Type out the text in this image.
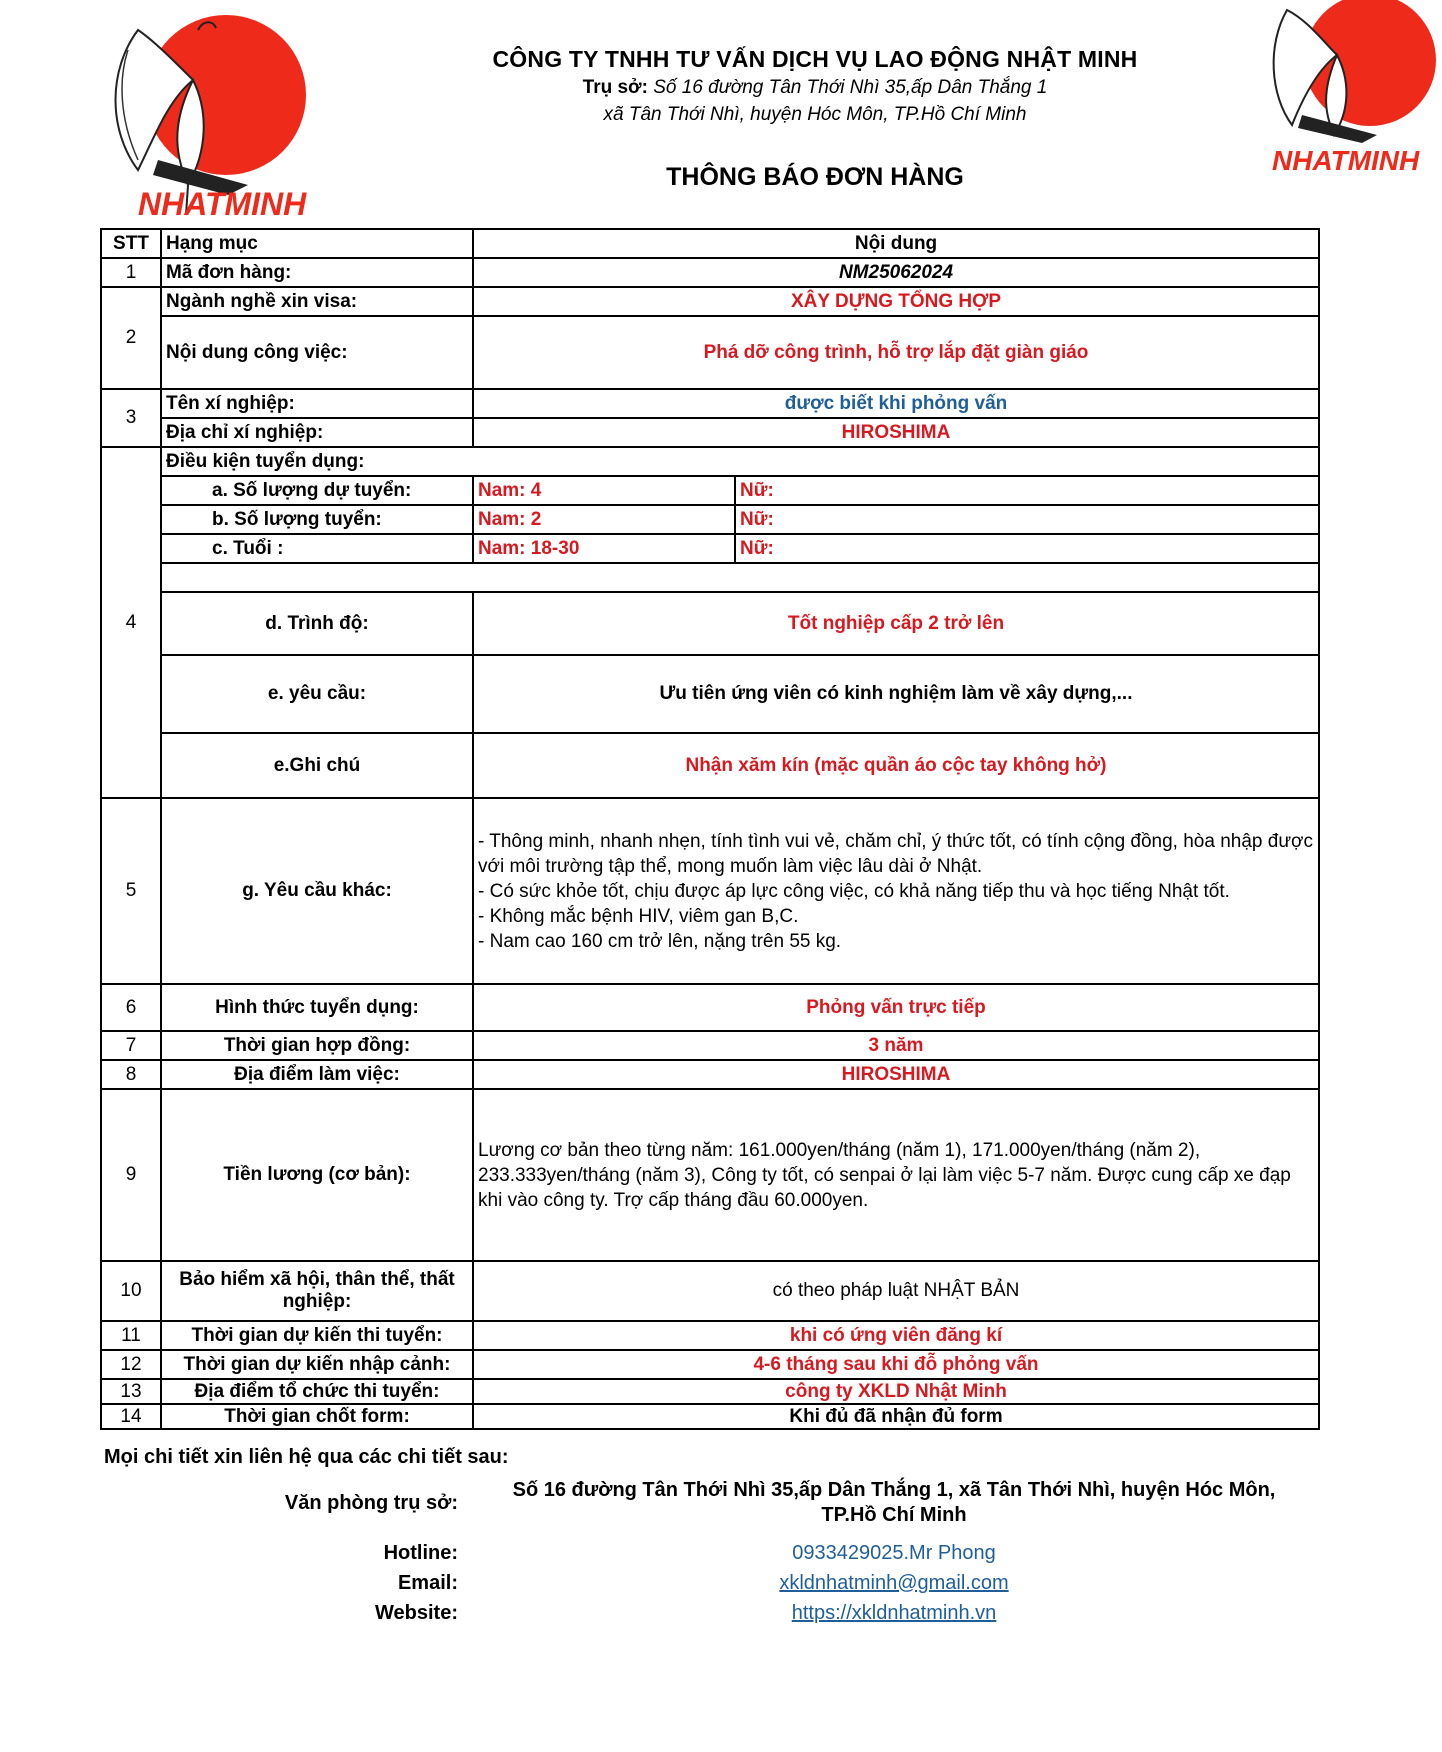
NHATMINH
NHATMINH
CÔNG TY TNHH TƯ VẤN DỊCH VỤ LAO ĐỘNG NHẬT MINH
Trụ sở: Số 16 đường Tân Thới Nhì 35,ấp Dân Thắng 1
xã Tân Thới Nhì, huyện Hóc Môn, TP.Hồ Chí Minh
THÔNG BÁO ĐƠN HÀNG
STT	Hạng mục	Nội dung	
1	Mã đơn hàng:	NM25062024	
2	Ngành nghề xin visa:	XÂY DỰNG TỔNG HỢP	
	Nội dung công việc:	Phá dỡ công trình, hỗ trợ lắp đặt giàn giáo	
3	Tên xí nghiệp:	được biết khi phỏng vấn	
	Địa chỉ xí nghiệp:	HIROSHIMA	
4	Điều kiện tuyển dụng:		
	a. Số lượng dự tuyển:	Nam: 4	Nữ:
	b. Số lượng tuyển:	Nam: 2	Nữ:
	c. Tuổi :	Nam: 18-30	Nữ:

	d. Trình độ:	Tốt nghiệp cấp 2 trở lên	
	e. yêu cầu:	Ưu tiên ứng viên có kinh nghiệm làm về xây dựng,...	
	e.Ghi chú	Nhận xăm kín (mặc quần áo cộc tay không hở)	
5	g. Yêu cầu khác:	- Thông minh, nhanh nhẹn, tính tình vui vẻ, chăm chỉ, ý thức tốt, có tính cộng đồng, hòa nhập được với môi trường tập thể, mong muốn làm việc lâu dài ở Nhật.
- Có sức khỏe tốt, chịu được áp lực công việc, có khả năng tiếp thu và học tiếng Nhật tốt.
- Không mắc bệnh HIV, viêm gan B,C.
- Nam cao 160 cm trở lên, nặng trên 55 kg.	

6	Hình thức tuyển dụng:	Phỏng vấn trực tiếp	
7	Thời gian hợp đồng:	3 năm	
8	Địa điểm làm việc:	HIROSHIMA	
9	Tiền lương (cơ bản):	Lương cơ bản theo từng năm: 161.000yen/tháng (năm 1), 171.000yen/tháng (năm 2), 233.333yen/tháng (năm 3), Công ty tốt, có senpai ở lại làm việc 5-7 năm. Được cung cấp xe đạp khi vào công ty. Trợ cấp tháng đầu 60.000yen.	
10	Bảo hiểm xã hội, thân thể, thất nghiệp:	có theo pháp luật NHẬT BẢN	
11	Thời gian dự kiến thi tuyển:	khi có ứng viên đăng kí	
12	Thời gian dự kiến nhập cảnh:	4-6 tháng sau khi đỗ phỏng vấn	
13	Địa điểm tổ chức thi tuyển:	công ty XKLD Nhật Minh	
14	Thời gian chốt form:	Khi đủ đã nhận đủ form	
Mọi chi tiết xin liên hệ qua các chi tiết sau:
Văn phòng trụ sở:
Số 16 đường Tân Thới Nhì 35,ấp Dân Thắng 1, xã Tân Thới Nhì, huyện Hóc Môn,
TP.Hồ Chí Minh
Hotline:	0933429025.Mr Phong
Email:	xkldnhatminh@gmail.com
Website:	https://xkldnhatminh.vn
